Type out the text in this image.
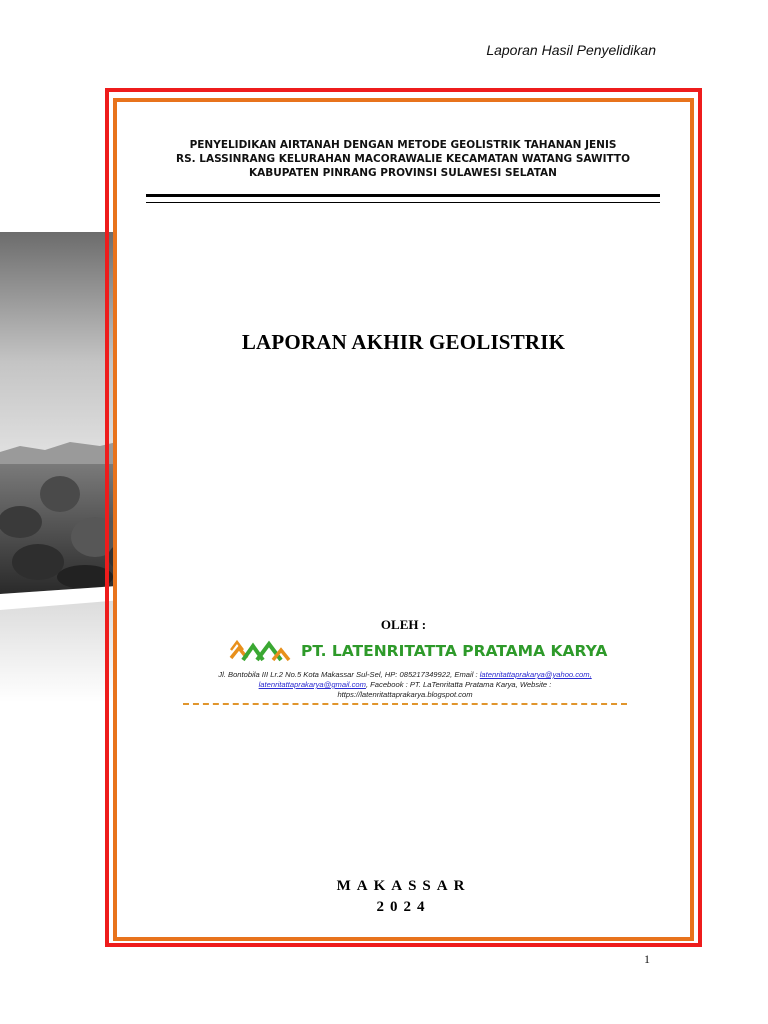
Laporan Hasil Penyelidikan
PENYELIDIKAN AIRTANAH DENGAN METODE GEOLISTRIK TAHANAN JENIS
RS. LASSINRANG KELURAHAN MACORAWALIE KECAMATAN WATANG SAWITTO
KABUPATEN PINRANG PROVINSI SULAWESI SELATAN
LAPORAN AKHIR GEOLISTRIK
OLEH :
PT. LATENRITATTA PRATAMA KARYA
Jl. Bontobila III Lr.2 No.5 Kota Makassar Sul-Sel, HP: 085217349922, Email : latenritattaprakarya@yahoo.com,
latenritattaprakarya@gmail.com, Facebook : PT. LaTenritatta Pratama Karya, Website :
https://latenritattaprakarya.blogspot.com
MAKASSAR
2024
1
